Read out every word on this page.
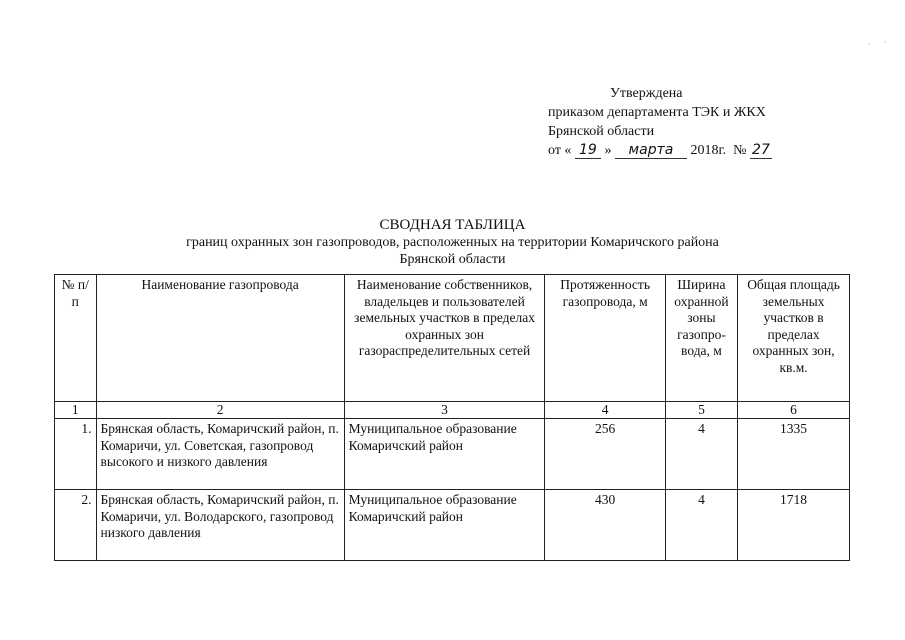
Утверждена
приказом департамента ТЭК и ЖКХ
Брянской области
от « 19 » марта 2018г. № 27
СВОДНАЯ ТАБЛИЦА
границ охранных зон газопроводов, расположенных на территории Комаричского района
Брянской области
№ п/п	Наименование газопровода	Наименование собственников, владельцев и пользователей земельных участков в пределах охранных зон газораспределительных сетей	Протяженность газопровода, м	Ширина охранной зоны газопро-вода, м	Общая площадь земельных участков в пределах охранных зон, кв.м.
1	2	3	4	5	6
1.	Брянская область, Комаричский район, п. Комаричи, ул. Советская, газопровод высокого и низкого давления	Муниципальное образование Комаричский район	256	4	1335
2.	Брянская область, Комаричский район, п. Комаричи, ул. Володарского, газопровод низкого давления	Муниципальное образование Комаричский район	430	4	1718
· ·
